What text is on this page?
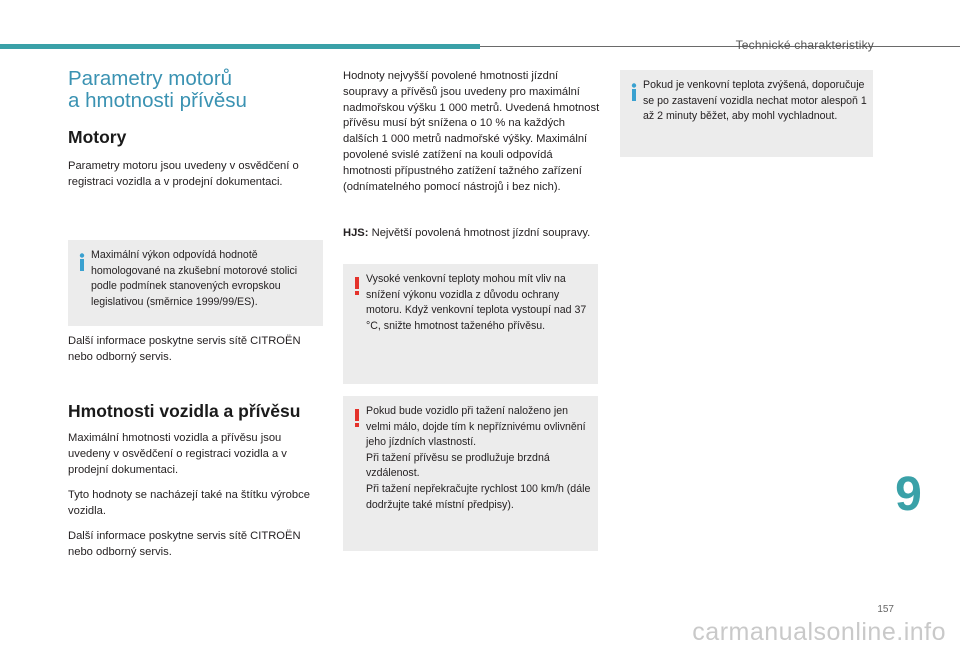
Technické charakteristiky
Parametry motorů
a hmotnosti přívěsu
Motory

Parametry motoru jsou uvedeny v osvědčení o registraci vozidla a v prodejní dokumentaci.

Maximální výkon odpovídá hodnotě homologované na zkušební motorové stolici podle podmínek stanovených evropskou legislativou (směrnice 1999/99/ES).

Další informace poskytne servis sítě CITROËN nebo odborný servis.

Hmotnosti vozidla a přívěsu

Maximální hmotnosti vozidla a přívěsu jsou uvedeny v osvědčení o registraci vozidla a v prodejní dokumentaci.

Tyto hodnoty se nacházejí také na štítku výrobce vozidla.

Další informace poskytne servis sítě CITROËN nebo odborný servis.

Hodnoty nejvyšší povolené hmotnosti jízdní soupravy a přívěsů jsou uvedeny pro maximální nadmořskou výšku 1 000 metrů. Uvedená hmotnost přívěsu musí být snížena o 10 % na každých dalších 1 000 metrů nadmořské výšky. Maximální povolené svislé zatížení na kouli odpovídá hmotnosti přípustného zatížení tažného zařízení (odnímatelného pomocí nástrojů i bez nich).

HJS: Největší povolená hmotnost jízdní soupravy.

Vysoké venkovní teploty mohou mít vliv na snížení výkonu vozidla z důvodu ochrany motoru. Když venkovní teplota vystoupí nad 37 °C, snižte hmotnost taženého přívěsu.

Pokud bude vozidlo při tažení naloženo jen velmi málo, dojde tím k nepříznivému ovlivnění jeho jízdních vlastností.
Při tažení přívěsu se prodlužuje brzdná vzdálenost.
Při tažení nepřekračujte rychlost 100 km/h (dále dodržujte také místní předpisy).

Pokud je venkovní teplota zvýšená, doporučuje se po zastavení vozidla nechat motor alespoň 1 až 2 minuty běžet, aby mohl vychladnout.

9
157
carmanualsonline.info
